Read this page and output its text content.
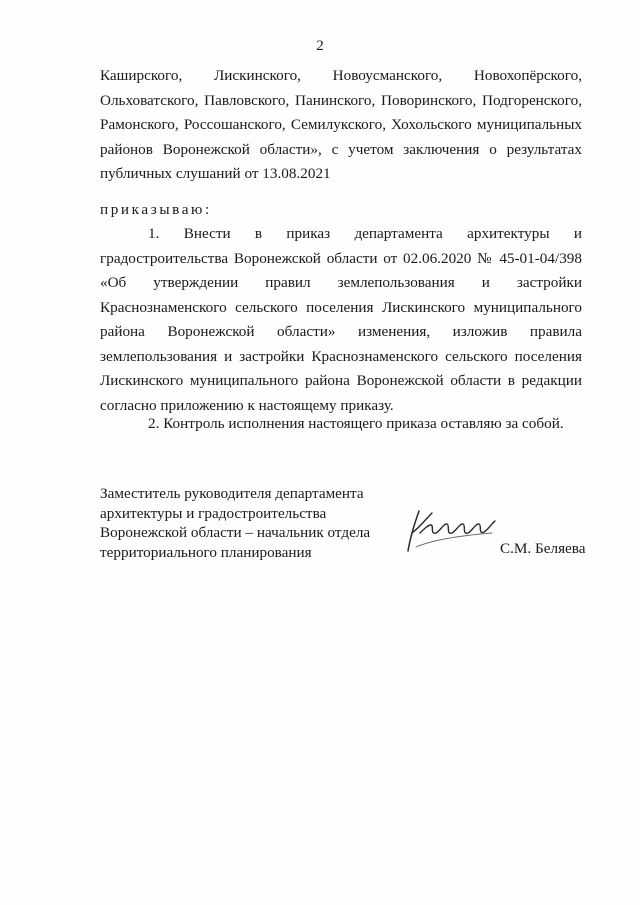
2

Каширского, Лискинского, Новоусманского, Новохопёрского,

Ольховатского, Павловского, Панинского, Поворинского, Подгоренского,

Рамонского, Россошанского, Семилукского, Хохольского муниципальных

районов Воронежской области», с учетом заключения о результатах

публичных слушаний от 13.08.2021

приказываю:

1. Внести в приказ департамента архитектуры и

градостроительства Воронежской области от 02.06.2020 № 45-01-04/398

«Об утверждении правил землепользования и застройки

Краснознаменского сельского поселения Лискинского муниципального

района Воронежской области» изменения, изложив правила

землепользования и застройки Краснознаменского сельского поселения

Лискинского муниципального района Воронежской области в редакции

согласно приложению к настоящему приказу.

2. Контроль исполнения настоящего приказа оставляю за собой.

Заместитель руководителя департамента

архитектуры и градостроительства

Воронежской области – начальник отдела

территориального планирования	С.М. Беляева
